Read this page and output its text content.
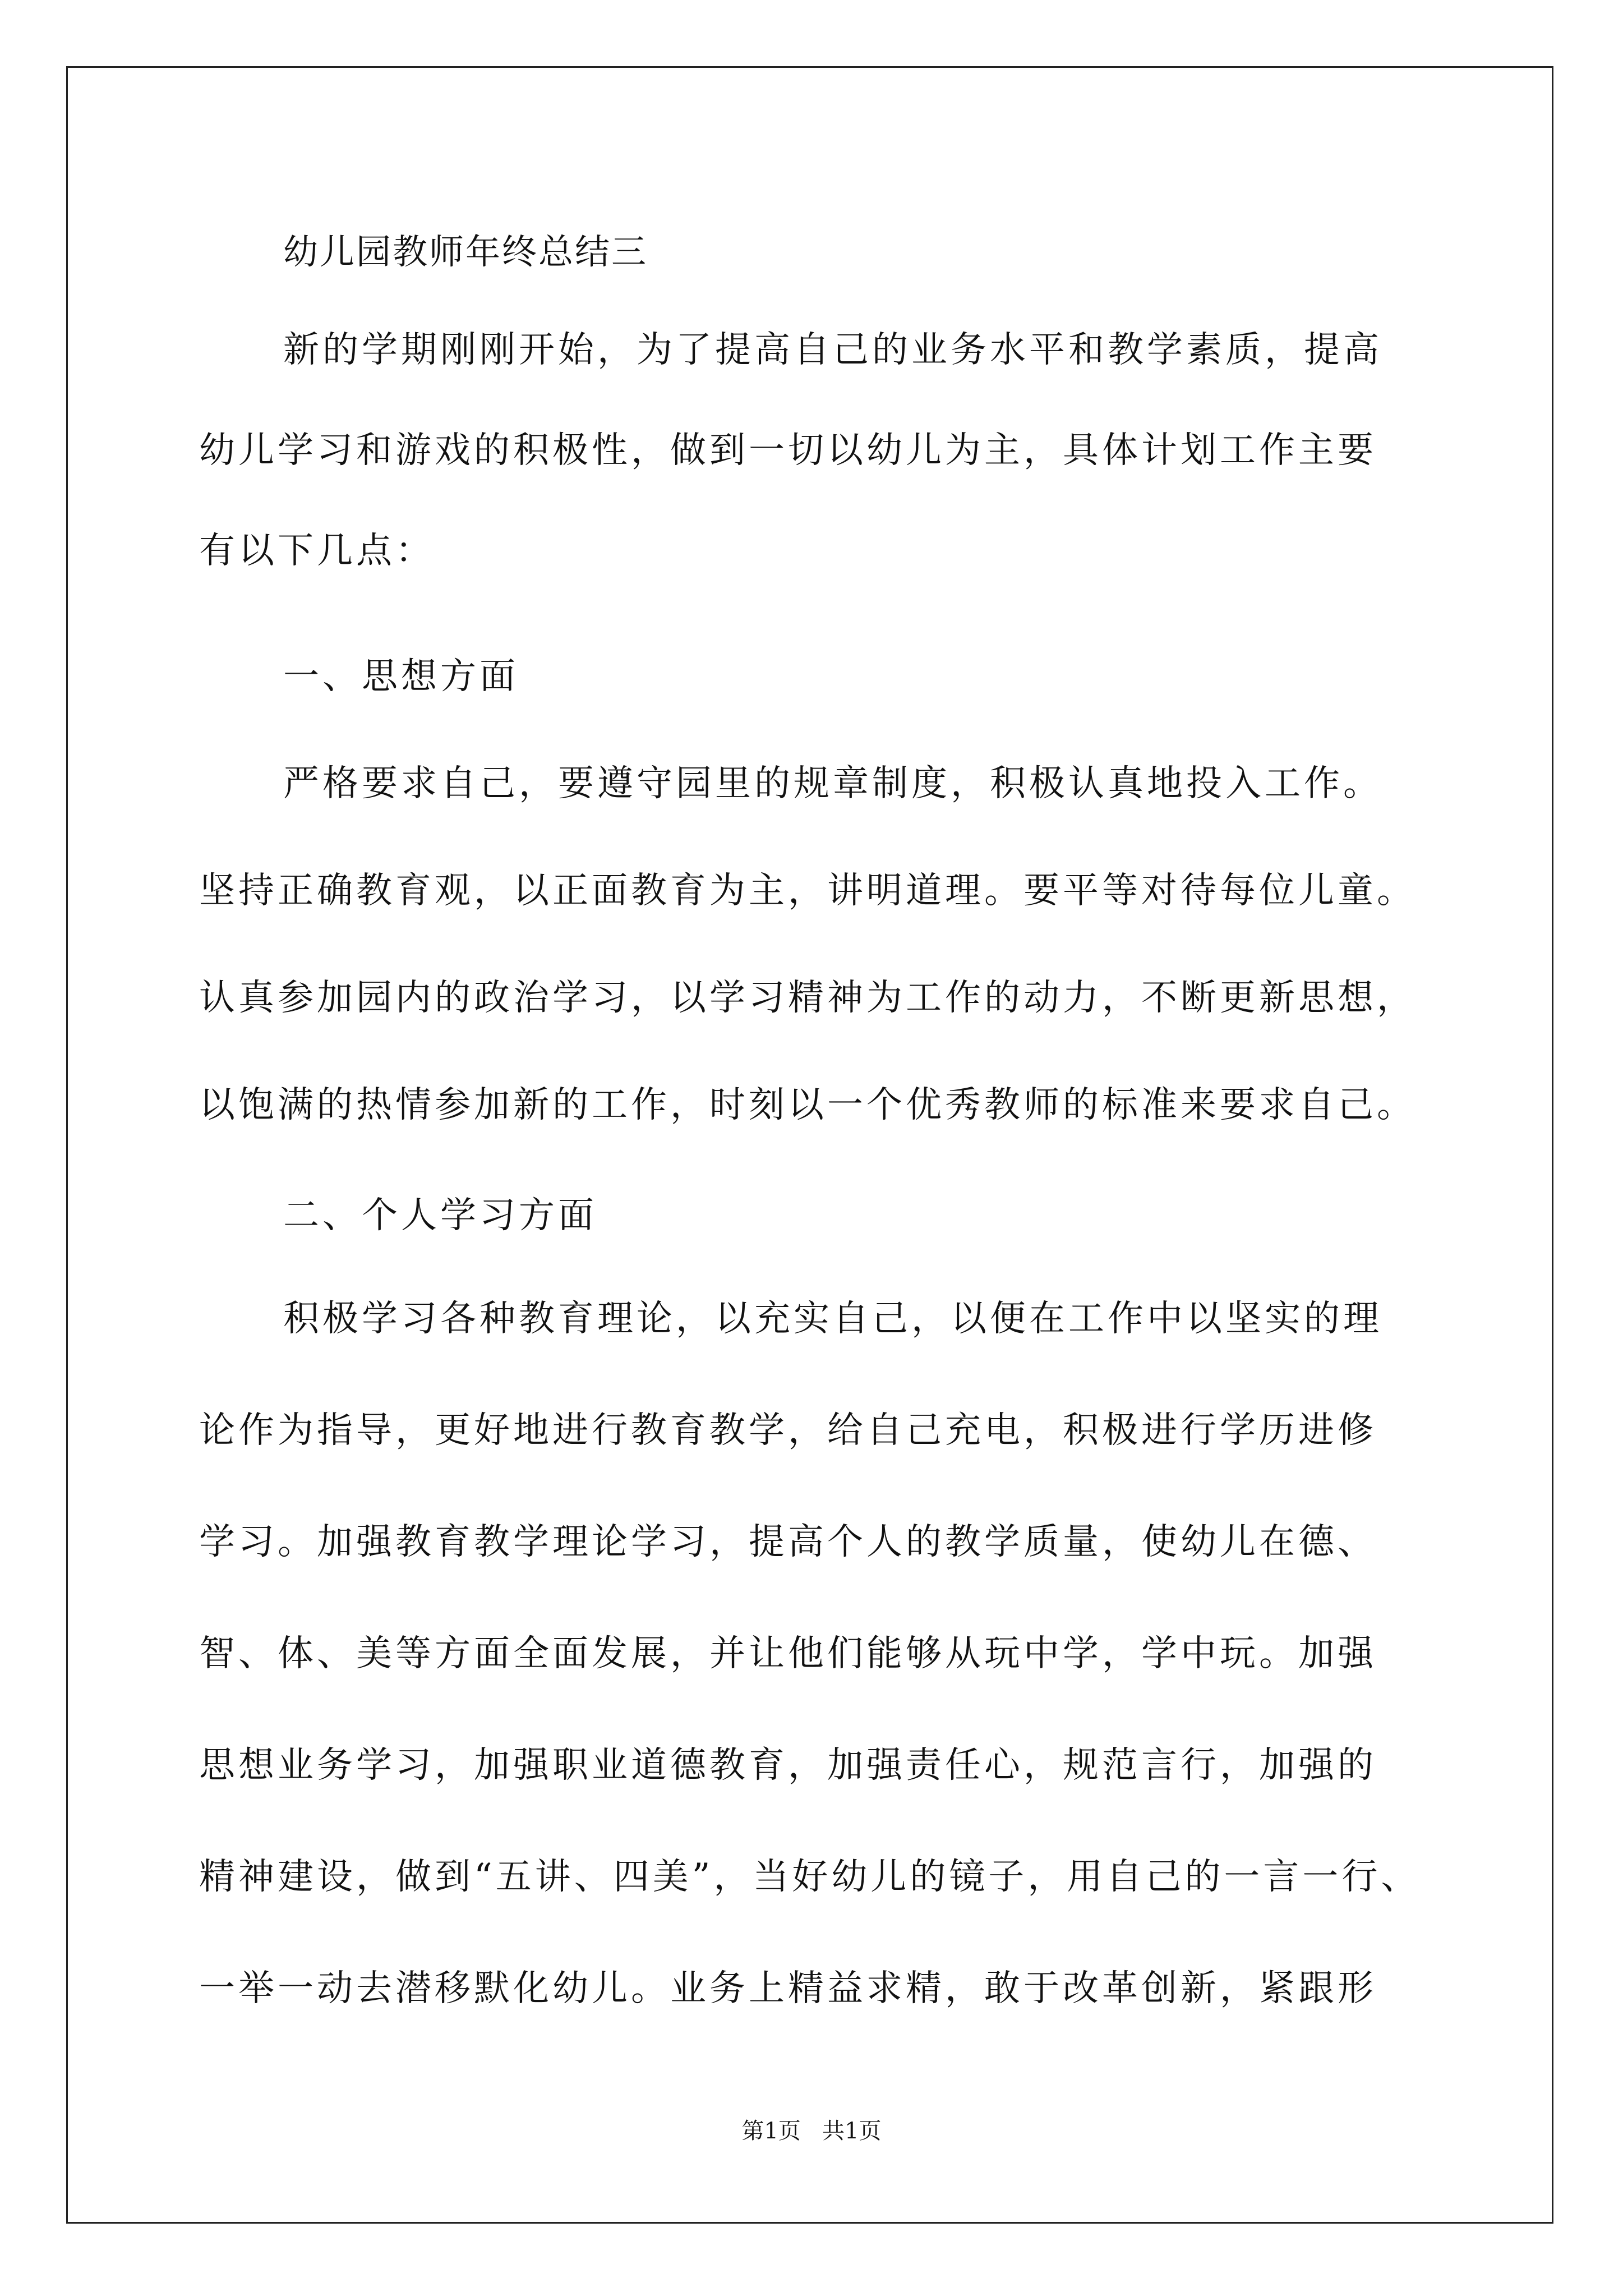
幼儿园教师年终总结三
新的学期刚刚开始，为了提高自己的业务水平和教学素质，提高
幼儿学习和游戏的积极性，做到一切以幼儿为主，具体计划工作主要
有以下几点：
一、思想方面
严格要求自己，要遵守园里的规章制度，积极认真地投入工作。
坚持正确教育观，以正面教育为主，讲明道理。要平等对待每位儿童。
认真参加园内的政治学习，以学习精神为工作的动力，不断更新思想，
以饱满的热情参加新的工作，时刻以一个优秀教师的标准来要求自己。
二、个人学习方面
积极学习各种教育理论，以充实自己，以便在工作中以坚实的理
论作为指导，更好地进行教育教学，给自己充电，积极进行学历进修
学习。加强教育教学理论学习，提高个人的教学质量，使幼儿在德、
智、体、美等方面全面发展，并让他们能够从玩中学，学中玩。加强
思想业务学习，加强职业道德教育，加强责任心，规范言行，加强的
精神建设，做到“五讲、四美”，当好幼儿的镜子，用自己的一言一行、
一举一动去潜移默化幼儿。业务上精益求精，敢于改革创新，紧跟形
第1页   共1页
